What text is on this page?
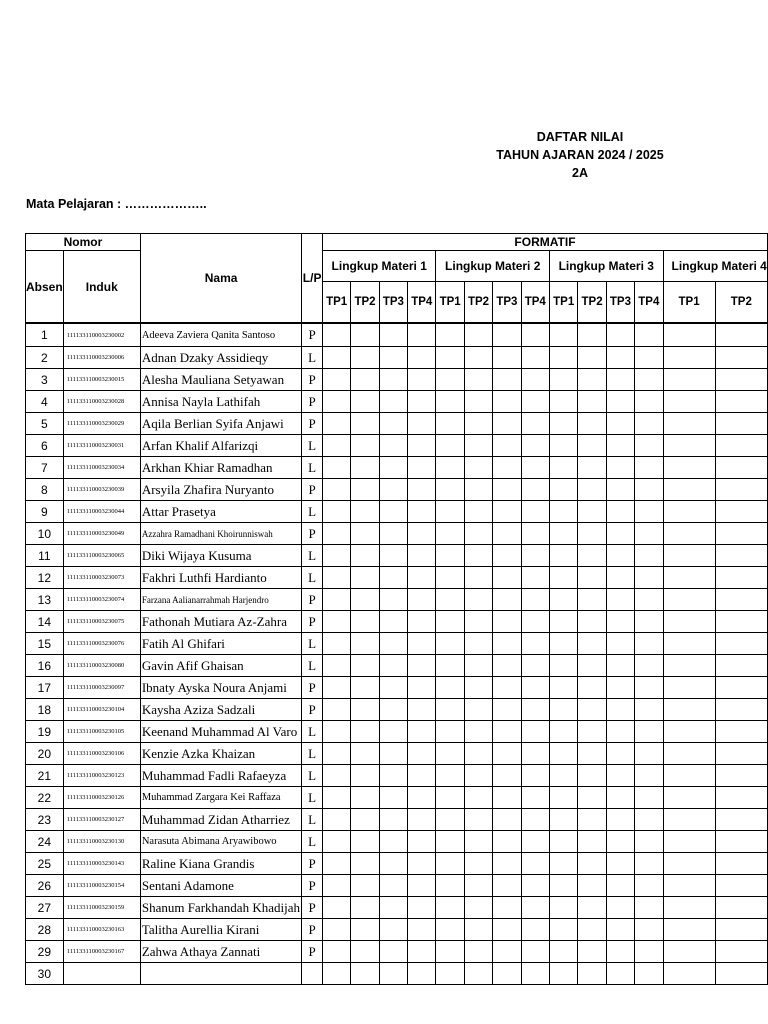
DAFTAR NILAI
TAHUN AJARAN 2024 / 2025
2A
Mata Pelajaran : ………………..
Nomor		Nama	L/P	FORMATIF													
Absen	Induk			Lingkup Materi 1				Lingkup Materi 2				Lingkup Materi 3				Lingkup Materi 4	
				TP1	TP2	TP3	TP4	TP1	TP2	TP3	TP4	TP1	TP2	TP3	TP4	TP1	TP2
1	111133110003230002	Adeeva Zaviera Qanita Santoso	P														
2	111133110003230006	Adnan Dzaky Assidieqy	L														
3	111133110003230015	Alesha Mauliana Setyawan	P														
4	111133110003230028	Annisa Nayla Lathifah	P														
5	111133110003230029	Aqila Berlian Syifa Anjawi	P														
6	111133110003230031	Arfan Khalif Alfarizqi	L														
7	111133110003230034	Arkhan Khiar Ramadhan	L														
8	111133110003230039	Arsyila Zhafira Nuryanto	P														
9	111133110003230044	Attar Prasetya	L														
10	111133110003230049	Azzahra Ramadhani Khoirunniswah	P														
11	111133110003230065	Diki Wijaya Kusuma	L														
12	111133110003230073	Fakhri Luthfi Hardianto	L														
13	111133110003230074	Farzana Aalianarrahmah Harjendro	P														
14	111133110003230075	Fathonah Mutiara Az-Zahra	P														
15	111133110003230076	Fatih Al Ghifari	L														
16	111133110003230080	Gavin Afif Ghaisan	L														
17	111133110003230097	Ibnaty Ayska Noura Anjami	P														
18	111133110003230104	Kaysha Aziza Sadzali	P														
19	111133110003230105	Keenand Muhammad Al Varo	L														
20	111133110003230106	Kenzie Azka Khaizan	L														
21	111133110003230123	Muhammad Fadli Rafaeyza	L														
22	111133110003230126	Muhammad Zargara Kei Raffaza	L														
23	111133110003230127	Muhammad Zidan Atharriez	L														
24	111133110003230130	Narasuta Abimana Aryawibowo	L														
25	111133110003230143	Raline Kiana Grandis	P														
26	111133110003230154	Sentani Adamone	P														
27	111133110003230159	Shanum Farkhandah Khadijah	P														
28	111133110003230163	Talitha Aurellia Kirani	P														
29	111133110003230167	Zahwa Athaya Zannati	P														
30																	
